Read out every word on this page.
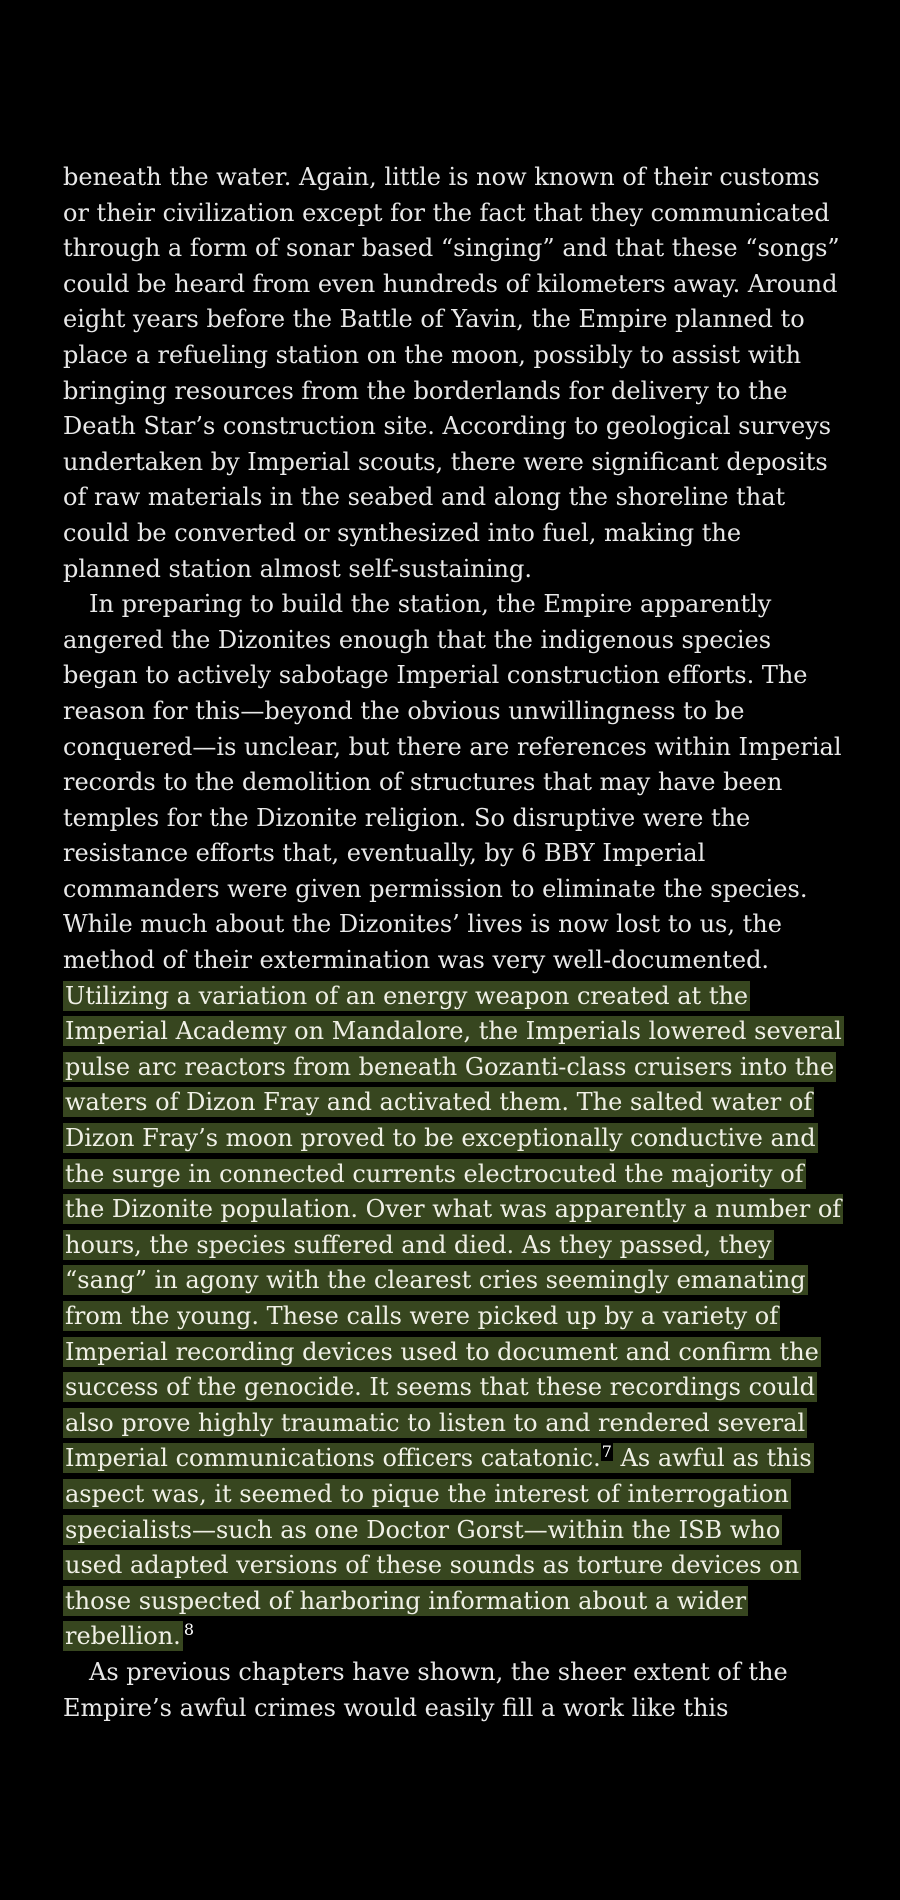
beneath the water. Again, little is now known of their customs or their civilization except for the fact that they communicated through a form of sonar based “singing” and that these “songs” could be heard from even hundreds of kilometers away. Around eight years before the Battle of Yavin, the Empire planned to place a refueling station on the moon, possibly to assist with bringing resources from the borderlands for delivery to the Death Star’s construction site. According to geological surveys undertaken by Imperial scouts, there were significant deposits of raw materials in the seabed and along the shoreline that could be converted or synthesized into fuel, making the planned station almost self-sustaining.

In preparing to build the station, the Empire apparently angered the Dizonites enough that the indigenous species began to actively sabotage Imperial construction efforts. The reason for this—beyond the obvious unwillingness to be conquered—is unclear, but there are references within Imperial records to the demolition of structures that may have been temples for the Dizonite religion. So disruptive were the resistance efforts that, eventually, by 6 BBY Imperial commanders were given permission to eliminate the species. While much about the Dizonites’ lives is now lost to us, the method of their extermination was very well-documented. Utilizing a variation of an energy weapon created at the Imperial Academy on Mandalore, the Imperials lowered several pulse arc reactors from beneath Gozanti-class cruisers into the waters of Dizon Fray and activated them. The salted water of Dizon Fray’s moon proved to be exceptionally conductive and the surge in connected currents electrocuted the majority of the Dizonite population. Over what was apparently a number of hours, the species suffered and died. As they passed, they “sang” in agony with the clearest cries seemingly emanating from the young. These calls were picked up by a variety of Imperial recording devices used to document and confirm the success of the genocide. It seems that these recordings could also prove highly traumatic to listen to and rendered several Imperial communications officers catatonic.$^7$ As awful as this aspect was, it seemed to pique the interest of interrogation specialists—such as one Doctor Gorst—within the ISB who used adapted versions of these sounds as torture devices on those suspected of harboring information about a wider rebellion. $^8$

As previous chapters have shown, the sheer extent of the Empire’s awful crimes would easily fill a work like this
